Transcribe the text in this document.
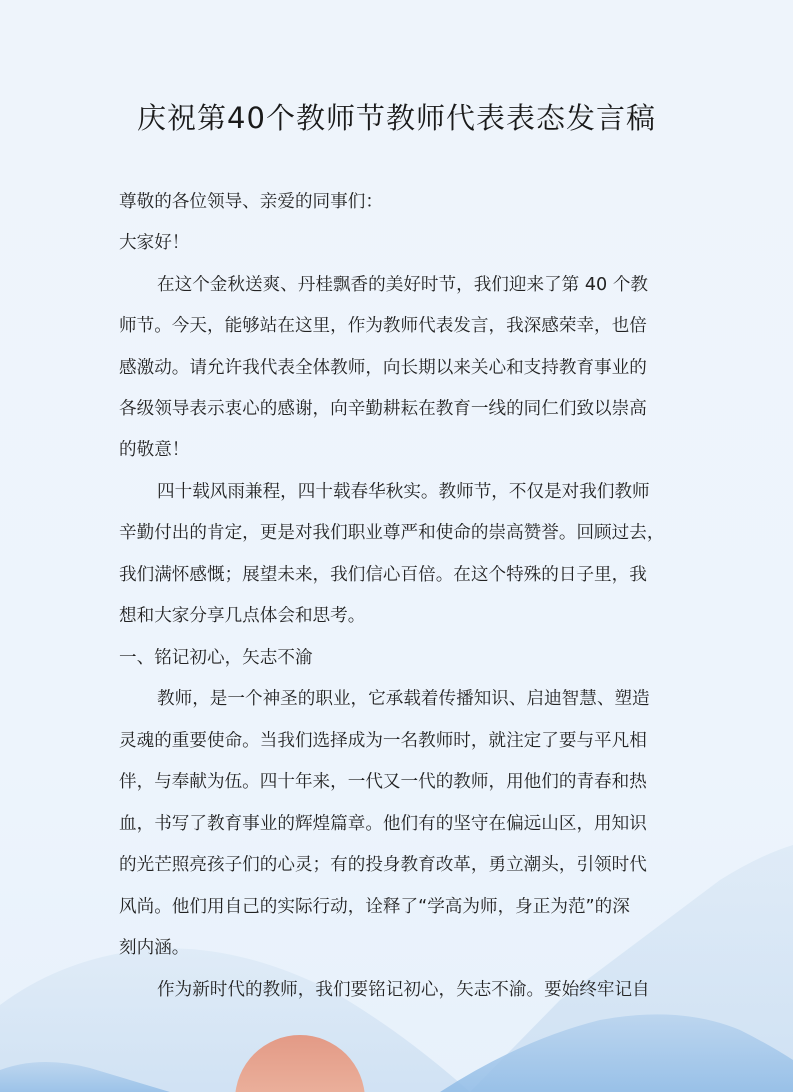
庆祝第40个教师节教师代表表态发言稿
尊敬的各位领导、亲爱的同事们：
大家好！
在这个金秋送爽、丹桂飘香的美好时节，我们迎来了第 40 个教
师节。今天，能够站在这里，作为教师代表发言，我深感荣幸，也倍
感激动。请允许我代表全体教师，向长期以来关心和支持教育事业的
各级领导表示衷心的感谢，向辛勤耕耘在教育一线的同仁们致以崇高
的敬意！
四十载风雨兼程，四十载春华秋实。教师节，不仅是对我们教师
辛勤付出的肯定，更是对我们职业尊严和使命的崇高赞誉。回顾过去，
我们满怀感慨；展望未来，我们信心百倍。在这个特殊的日子里，我
想和大家分享几点体会和思考。
一、铭记初心，矢志不渝
教师，是一个神圣的职业，它承载着传播知识、启迪智慧、塑造
灵魂的重要使命。当我们选择成为一名教师时，就注定了要与平凡相
伴，与奉献为伍。四十年来，一代又一代的教师，用他们的青春和热
血，书写了教育事业的辉煌篇章。他们有的坚守在偏远山区，用知识
的光芒照亮孩子们的心灵；有的投身教育改革，勇立潮头，引领时代
风尚。他们用自己的实际行动，诠释了“学高为师，身正为范”的深
刻内涵。
作为新时代的教师，我们要铭记初心，矢志不渝。要始终牢记自
